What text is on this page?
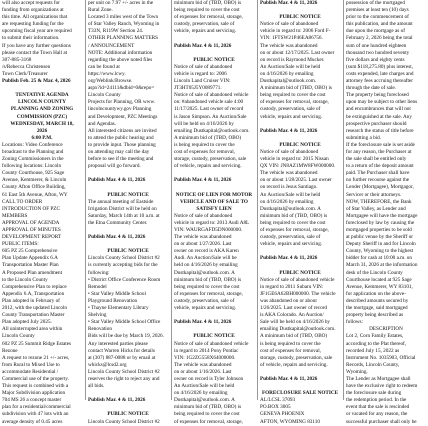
will also accept requests for
funding from organizations at
this time. All organizations that
are requesting funding for the
upcoming fiscal year are required
to submit their information.
If you have any further questions
please contact the Town Hall at
307-885-3168
/s/Rebecca Christensen
Town Clerk/Treasurer
Publish Feb. 25 & Mar. 4, 2026

TENTATIVE AGENDA
LINCOLN COUNTY
PLANNING AND ZONING
COMMISSION (PZC)
WEDNESDAY, MARCH 18,
2026
6:00 P.M.
Locations: Video Conference
broadcast to the Planning and
Zoning Commissioners in the
following locations: Lincoln
County Courthouse, 925 Sage
Avenue, Kemmerer, & Lincoln
County Afton Office Building,
61 East 5th Avenue, Afton, WY
CALL TO ORDER
INTRODUCTION OF PZC
MEMBERS
APPROVAL OF AGENDA
APPROVAL OF MINUTES
DEVELOPMENT REPORT
PUBLIC ITEMS:
605 PZ 25 Comprehensive
Plan Update Appendix 6.A
Transportation Master Plan
A Proposed Plan amendment
to the Lincoln County
Comprehensive Plan to replace
Appendix 6.A, Transportation
Plan adopted in February of
2012, with the updated Lincoln
County Transportation Master
Plan adopted July 2025.
All uninterrupted area within
Lincoln County
602 PZ 25 Summit Ridge Estates
Rezone
A request to rezone 21 +/- acres,
from Rural to Mixed Use to
accommodate Residential /
Commercial use of the property.
This request is combined with a
Major Subdivision application
704 MS 26 a concept master
plan for a residential/commercial
subdivision with 47 lots with an
average density of 0.45 acres
per unit on 7.97 +/- acres in the
Rural Zone.
Located 3 miles west of the Town
of Star Valley Ranch, Wyoming in
T33N, R119W Section 24.
OTHER PLANNING MATTERS
/ ANNOUNCEMENT
NOTE: Additional information
regarding the above noted files
can be found at
https://www.lcwy.
org/Weblink/Browse.
aspx?id=24111&dbid=0&repo=
Lincoln County
Projects for Planning, OR www.
lincolncountywy.gov Planning
and Development, PZC Meetings
and Agendas.
All interested citizens are invited
to attend the public hearing and
to provide input. Those planning
on attending may call the day
before to see if the meeting and
proposal will go forward.

Publish Mar. 4 & 11, 2026

PUBLIC NOTICE
The annual meeting of Eastside
Irrigation District will be held on
Saturday, March 14th at 10 a.m. at
the Etna Community Center.

Publish Mar. 4 & 11, 2026

PUBLIC NOTICE
Lincoln County School District #2
is currently accepting bids for the
following:
• District Office Conference Room
Remodel
• Star Valley Middle School
Playground Renovation
• Thayne Elementary Library
Shelving
• Star Valley Middle School Office
Renovation
Bids will be due by March 19, 2026.
Any interested parties please
contact Warren Hicks for details
at (307) 887-0088 or by email at
whicks@lcsd2.org
Lincoln County School District #2
reserves the right to reject any and
all bids.

Publish Mar. 4 & 11, 2026

PUBLIC NOTICE
Lincoln County School District #2
minimum bid of (TBD, OBO) is
being required to cover the cost
of expenses for removal, storage,
custody, preservation, sale of
vehicle, repairs and servicing.

Publish Mar. 4 & 11, 2026

PUBLIC NOTICE
Notice of sale of abandoned
vehicle is regard to: 2006
Lincoln Land Cruiser VIN:
JT3HT05J5Y0089771.
Notice of sale of abandoned vehicle
on: #abandoned vehicle sale 4:00
11/17/2025. Last owner of record
is Jason Simpson. An Auction/Sale
will be held on 4/16/2026 by
emailing Dustkapital@outlook.com.
A minimum bid of (TBD, OBO)
is being required to cover the
cost of expenses for removal,
storage, custody, preservation, sale
of vehicle, repairs and servicing.

Publish Mar. 4 & 11, 2026

NOTICE OF LIEN FOR MOTOR
VEHICLE AND OF SALE TO
SATISFY LIEN
Notice of sale of abandoned
vehicle in regard to: 2013 Audi A8L
VIN: WAURGAFD5DN000000.
The vehicle was abandoned
on or about 1/27/2026. Last
owner on record is AKA Karen
Audi. An Auction/Sale will be
held on 4/16/2026 by emailing
Dustkapital@outlook.com. A
minimum bid of (TBD, OBO) is
being required to cover the cost
of expenses for removal, storage,
custody, preservation, sale of
vehicle, repairs and servicing.

Publish Mar. 4 & 11, 2026

PUBLIC NOTICE
Notice of sale of abandoned vehicle
in regard to 2014 Pony Pontiac
VIN: 1G2ZG558X64000000.
The vehicle was abandoned
on or about 1/16/2026. Last
owner on record is Tyler Johnson
An Auction/Sale will be held
on 4/16/2026 by emailing
Dustkapital@outlook.com. A
minimum bid of (TBD, OBO) is
being required to cover the cost
of expenses for removal, storage,
Publish Mar. 4 & 11, 2026

PUBLIC NOTICE
Notice of sale of abandoned
vehicle in regard to: 2006 Ford F-
VIN: 1FTSW21P46EA86756.
The vehicle was abandoned
on or about 12/17/2025. Last owner
on record is Raymond Mucker.
An Auction/Sale will be held
on 4/16/2026 by emailing
Dustkapital@outlook.com.
A minimum bid of (TBD, OBO) is
being required to cover the cost
of expenses for removal, storage,
custody, preservation, sale of
vehicle, repairs and servicing.

Publish Mar. 4 & 11, 2026

PUBLIC NOTICE
Notice of sale of abandoned
vehicle in regard to: 2015 Nissan
QX VIN: JN8AZ1MW8FW000000.
The vehicle was abandoned
on or about 1/28/2025. Last owner
on record is Jesus Santiago.
An Auction/Sale will be held
on 4/16/2026 by emailing
Dustkapital@outlook.com. A
minimum bid of (TBD, OBO) is
being required to cover the cost
of expenses for removal, storage,
custody, preservation, sale of
vehicle, repairs and servicing.

Publish Mar. 4 & 11, 2026

PUBLIC NOTICE
Notice of sale of abandoned vehicle
in regard to 2011 Subaru VIN:
JF1GE6A62BH000000. The vehicle
was abandoned on or about
1/26/2025. Last owner of record
is AKA Colorado. An Auction/
Sale will be held on 4/16/2026 by
emailing Dustkapital@outlook.com.
A minimum bid of (TBD, OBO)
is being required to cover the
cost of expenses for removal,
storage, custody, preservation, sale
of vehicle, repairs and servicing.

Publish Mar. 4 & 11, 2026

FORECLOSURE SALE NOTICE
AL/LCSL 37093
PO.BOX 3005
GENEVA PHOENIX
AFTON, WYOMING 83110
possession of the mortgaged
premises at least ten (10) days
prior to the commencement of
this publication, and the amount
due upon the mortgage as of
February 2, 2026 being the total
sum of one hundred eighteen
thousand two hundred seventy
five dollars and eighty cents
(sum $118,275.80) plus interest,
costs expended, late charges and
attorney fees accruing thereafter
through the date of sale.
The property being foreclosed
upon may be subject to other liens
and encumbrances that will not
be extinguished at the sale. Any
prospective purchaser should
research the status of title before
submitting a bid.
If the foreclosure sale is set aside
for any reason, the Purchaser at
the sale shall be entitled only
to a return of the deposit amount
paid. The Purchaser shall have
no further recourse against the
Lender (Mortgagee), Mortgagor,
Servicer or their attorneys.
NOW, THEREFORE, the Bank
of Star Valley, as Lender and
Mortgagee will have the mortgage
foreclosed by law by causing the
mortgaged properties to be sold
at public venue by the Sheriff or
Deputy Sheriff in and for Lincoln
County, Wyoming to the highest
bidder for cash at 10:00 a.m. on
March 31, 2026 at the information
desk of the Lincoln County
Courthouse located at 925 Sage
Avenue, Kemmerer, WY 83101,
for application on the above-
described amounts secured by
the mortgage, said mortgaged
property being described as
follows:
DESCRIPTION
Lot 2, Corn Family Estates,
according to the Plat thereof,
recorded July 15, 2022 as
Instrument No. 1035903, Official
Records, Lincoln County,
Wyoming.
The Lender as Mortgagee shall
have the exclusive right to redeem
the foreclosure sale during
the redemption period. In the
event that the sale is rescinded
or vacated for any reason, the
successful purchaser shall only be
